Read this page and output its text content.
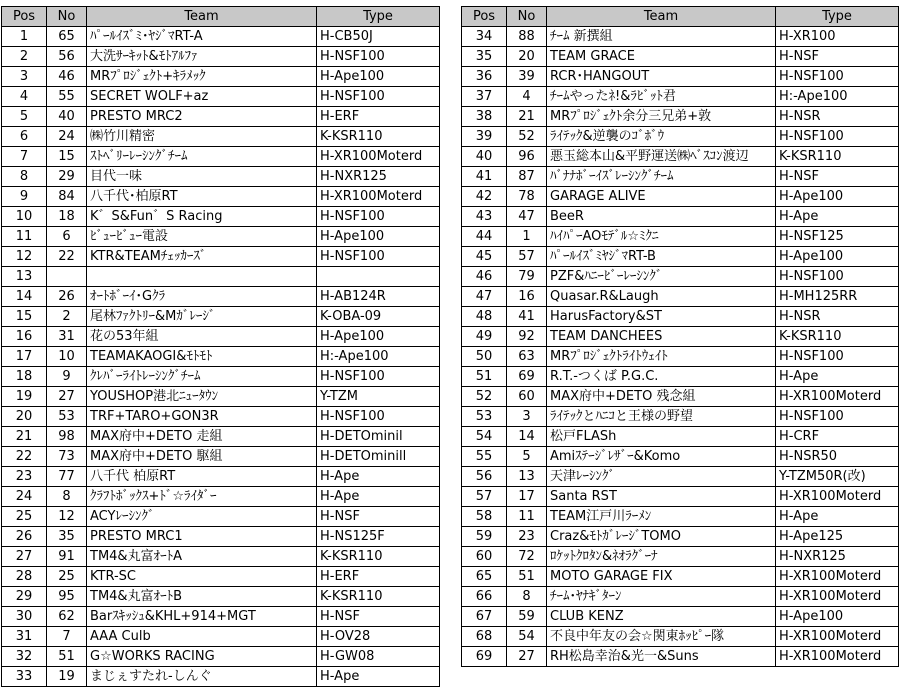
Pos	No	Team	Type
1	65	ﾊﾟｰﾙｲｽﾞﾐ･ﾔｼﾞﾏRT-A	H-CB50J
2	56	大洗ｻｰｷｯﾄ&ﾓﾄｱﾙﾌｧ	H-NSF100
3	46	MRﾌﾟﾛｼﾞｪｸﾄ+ｷﾗﾒｯｸ	H-Ape100
4	55	SECRET WOLF+az	H-NSF100
5	40	PRESTO MRC2	H-ERF
6	24	㈱竹川精密	K-KSR110
7	15	ｽﾄﾍﾞﾘｰﾚｰｼﾝｸﾞﾁｰﾑ	H-XR100Moterd
8	29	目代一味	H-NXR125
9	84	八千代･柏原RT	H-XR100Moterd
10	18	K゛S&Fun゛S Racing	H-NSF100
11	6	ﾋﾞｭｰﾋﾞｭｰ電設	H-Ape100
12	22	KTR&TEAMﾁｪｯｶｰｽﾞ	H-NSF100
13			
14	26	ｵｰﾄﾎﾞｰｲ･Gｸﾗ	H-AB124R
15	2	尾林ﾌｧｸﾄﾘｰ&Mｶﾞﾚｰｼﾞ	K-OBA-09
16	31	花の53年組	H-Ape100
17	10	TEAMAKAOGI&ﾓﾄﾓﾄ	H:-Ape100
18	9	ｸﾚﾊﾞｰﾗｲﾄﾚｰｼﾝｸﾞﾁｰﾑ	H-NSF100
19	27	YOUSHOP港北ﾆｭｰﾀｳﾝ	Y-TZM
20	53	TRF+TARO+GON3R	H-NSF100
21	98	MAX府中+DETO 走組	H-DETOminil
22	73	MAX府中+DETO 駆組	H-DETOminill
23	77	八千代 柏原RT	H-Ape
24	8	ｸﾗﾌﾄﾎﾞｯｸｽ+ﾄﾞ☆ﾗｲﾀﾞｰ	H-Ape
25	12	ACYﾚｰｼﾝｸﾞ	H-NSF
26	35	PRESTO MRC1	H-NS125F
27	91	TM4&丸富ｵｰﾄA	K-KSR110
28	25	KTR-SC	H-ERF
29	95	TM4&丸富ｵｰﾄB	K-KSR110
30	62	Barｽｷｯｼｭ&KHL+914+MGT	H-NSF
31	7	AAA Culb	H-OV28
32	51	G☆WORKS RACING	H-GW08
33	19	まじぇすたれ-しんぐ	H-Ape
Pos	No	Team	Type
34	88	ﾁｰﾑ 新撰組	H-XR100
35	20	TEAM GRACE	H-NSF
36	39	RCR･HANGOUT	H-NSF100
37	4	ﾁｰﾑやったﾈ!&ﾗﾋﾞｯﾄ君	H:-Ape100
38	21	MRﾌﾟﾛｼﾞｪｸﾄ余分三兄弟+敦	H-NSR
39	52	ﾗｲﾃｯｸ&逆襲のｺﾞﾎﾞｳ	H-NSF100
40	96	悪玉総本山&平野運送㈱ﾍﾞｽｺﾝ渡辺	K-KSR110
41	87	ﾊﾞﾅﾅﾎﾞｰｲｽﾞﾚｰｼﾝｸﾞﾁｰﾑ	H-NSF
42	78	GARAGE ALIVE	H-Ape100
43	47	BeeR	H-Ape
44	1	ﾊｲﾊﾟｰAOﾓﾃﾞﾙ☆ﾐｸﾆ	H-NSF125
45	57	ﾊﾟｰﾙｲｽﾞﾐﾔｼﾞﾏRT-B	H-Ape100
46	79	PZF&ﾊﾆｰﾋﾞｰﾚｰｼﾝｸﾞ	H-NSF100
47	16	Quasar.R&Laugh	H-MH125RR
48	41	HarusFactory&ST	H-NSR
49	92	TEAM DANCHEES	K-KSR110
50	63	MRﾌﾟﾛｼﾞｪｸﾄﾗｲﾄｳｪｲﾄ	H-NSF100
51	69	R.T.-つくば P.G.C.	H-Ape
52	60	MAX府中+DETO 残念組	H-XR100Moterd
53	3	ﾗｲﾃｯｸとﾊﾆｺと王様の野望	H-NSF100
54	14	松戸FLASh	H-CRF
55	5	Amiｽﾃｰｼﾞﾚｻﾞｰ&Komo	H-NSR50
56	13	天津ﾚｰｼﾝｸﾞ	Y-TZM50R(改)
57	17	Santa RST	H-XR100Moterd
58	11	TEAM江戸川ﾗｰﾒﾝ	H-Ape
59	23	Craz&ﾓﾄｶﾞﾚｰｼﾞTOMO	H-Ape125
60	72	ﾛｹｯﾄｸﾛﾀﾝ&ﾈｵﾗｸﾞｰﾅ	H-NXR125
65	51	MOTO GARAGE FIX	H-XR100Moterd
66	8	ﾁｰﾑ･ﾔﾅｷﾞﾀｰﾝ	H-XR100Moterd
67	59	CLUB KENZ	H-Ape100
68	54	不良中年友の会☆関東ﾎｯﾋﾟｰ隊	H-XR100Moterd
69	27	RH松島幸治&光一&Suns	H-XR100Moterd
